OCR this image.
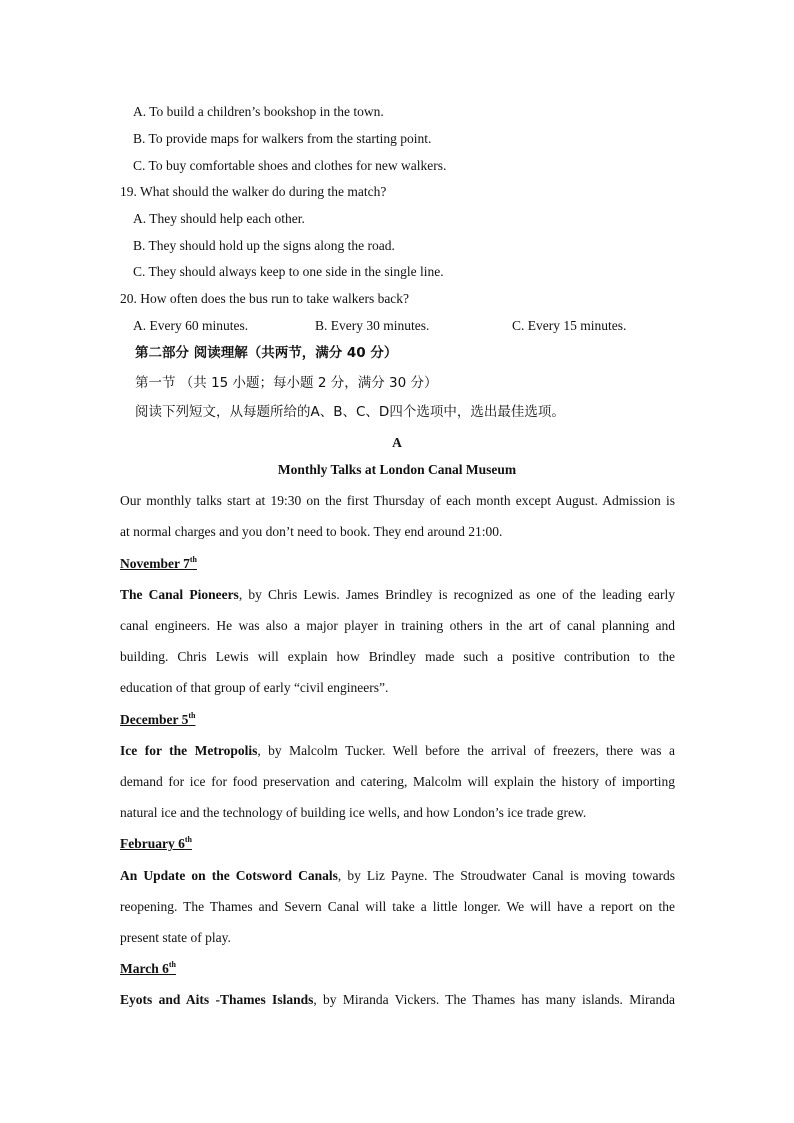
A. To build a children’s bookshop in the town.
B. To provide maps for walkers from the starting point.
C. To buy comfortable shoes and clothes for new walkers.
19. What should the walker do during the match?
A. They should help each other.
B. They should hold up the signs along the road.
C. They should always keep to one side in the single line.
20. How often does the bus run to take walkers back?
A. Every 60 minutes.	B. Every 30 minutes.	C. Every 15 minutes.
第二部分 阅读理解（共两节，满分 40 分）
第一节 （共 15 小题；每小题 2 分，满分 30 分）
阅读下列短文，从每题所给的A、B、C、D四个选项中，选出最佳选项。
A
Monthly Talks at London Canal Museum
Our monthly talks start at 19:30 on the first Thursday of each month except August. Admission is
at normal charges and you don’t need to book. They end around 21:00.
November 7th
The Canal Pioneers, by Chris Lewis. James Brindley is recognized as one of the leading early
canal engineers. He was also a major player in training others in the art of canal planning and
building. Chris Lewis will explain how Brindley made such a positive contribution to the
education of that group of early “civil engineers”.
December 5th
Ice for the Metropolis, by Malcolm Tucker. Well before the arrival of freezers, there was a
demand for ice for food preservation and catering, Malcolm will explain the history of importing
natural ice and the technology of building ice wells, and how London’s ice trade grew.
February 6th
An Update on the Cotsword Canals, by Liz Payne. The Stroudwater Canal is moving towards
reopening. The Thames and Severn Canal will take a little longer. We will have a report on the
present state of play.
March 6th
Eyots and Aits -Thames Islands, by Miranda Vickers. The Thames has many islands. Miranda
